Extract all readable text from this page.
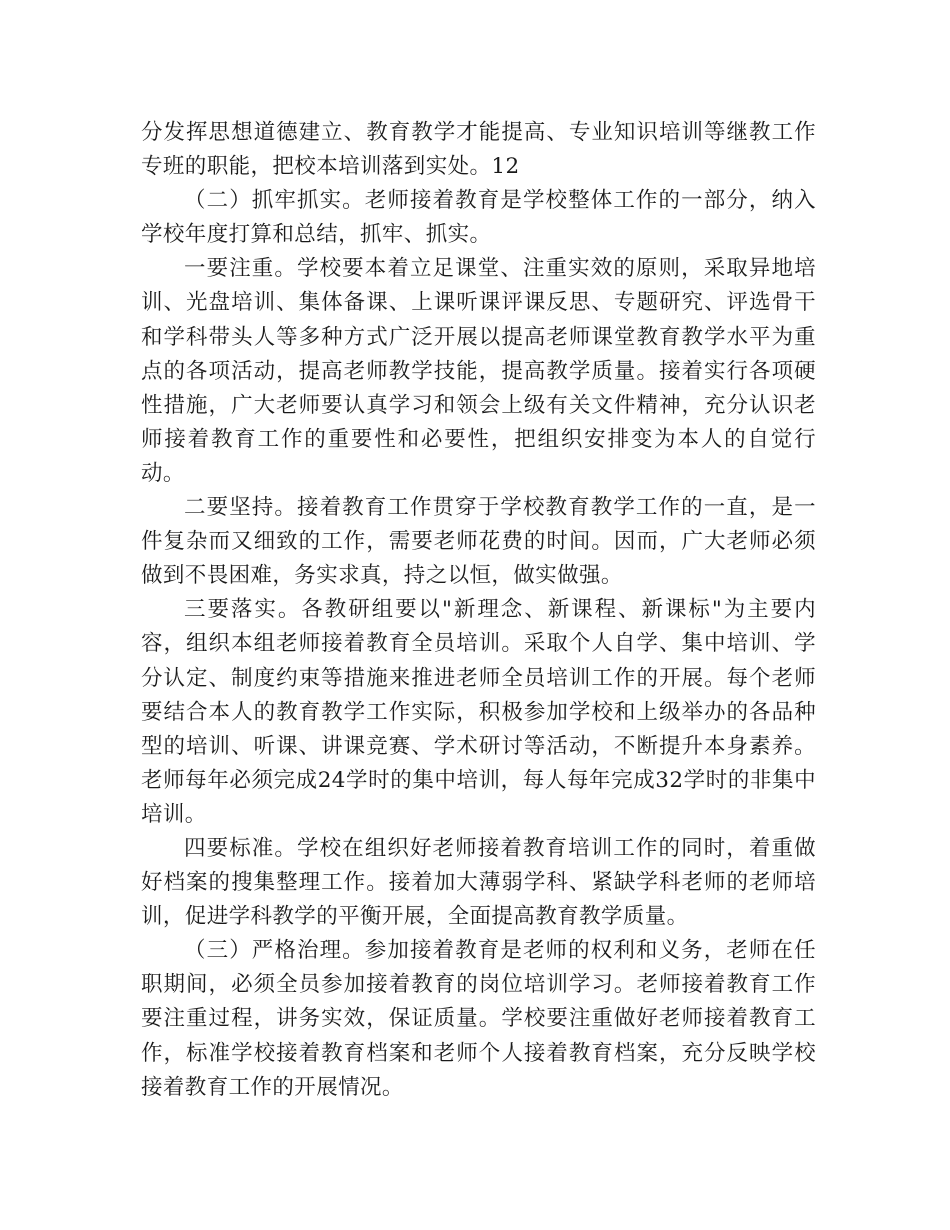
分发挥思想道德建立、教育教学才能提高、专业知识培训等继教工作专班的职能，把校本培训落到实处。12

（二）抓牢抓实。老师接着教育是学校整体工作的一部分，纳入学校年度打算和总结，抓牢、抓实。

一要注重。学校要本着立足课堂、注重实效的原则，采取异地培训、光盘培训、集体备课、上课听课评课反思、专题研究、评选骨干和学科带头人等多种方式广泛开展以提高老师课堂教育教学水平为重点的各项活动，提高老师教学技能，提高教学质量。接着实行各项硬性措施，广大老师要认真学习和领会上级有关文件精神，充分认识老师接着教育工作的重要性和必要性，把组织安排变为本人的自觉行动。

二要坚持。接着教育工作贯穿于学校教育教学工作的一直，是一件复杂而又细致的工作，需要老师花费的时间。因而，广大老师必须做到不畏困难，务实求真，持之以恒，做实做强。

三要落实。各教研组要以"新理念、新课程、新课标"为主要内容，组织本组老师接着教育全员培训。采取个人自学、集中培训、学分认定、制度约束等措施来推进老师全员培训工作的开展。每个老师要结合本人的教育教学工作实际，积极参加学校和上级举办的各品种型的培训、听课、讲课竞赛、学术研讨等活动，不断提升本身素养。老师每年必须完成24学时的集中培训，每人每年完成32学时的非集中培训。

四要标准。学校在组织好老师接着教育培训工作的同时，着重做好档案的搜集整理工作。接着加大薄弱学科、紧缺学科老师的老师培训，促进学科教学的平衡开展，全面提高教育教学质量。

（三）严格治理。参加接着教育是老师的权利和义务，老师在任职期间，必须全员参加接着教育的岗位培训学习。老师接着教育工作要注重过程，讲务实效，保证质量。学校要注重做好老师接着教育工作，标准学校接着教育档案和老师个人接着教育档案，充分反映学校接着教育工作的开展情况。
